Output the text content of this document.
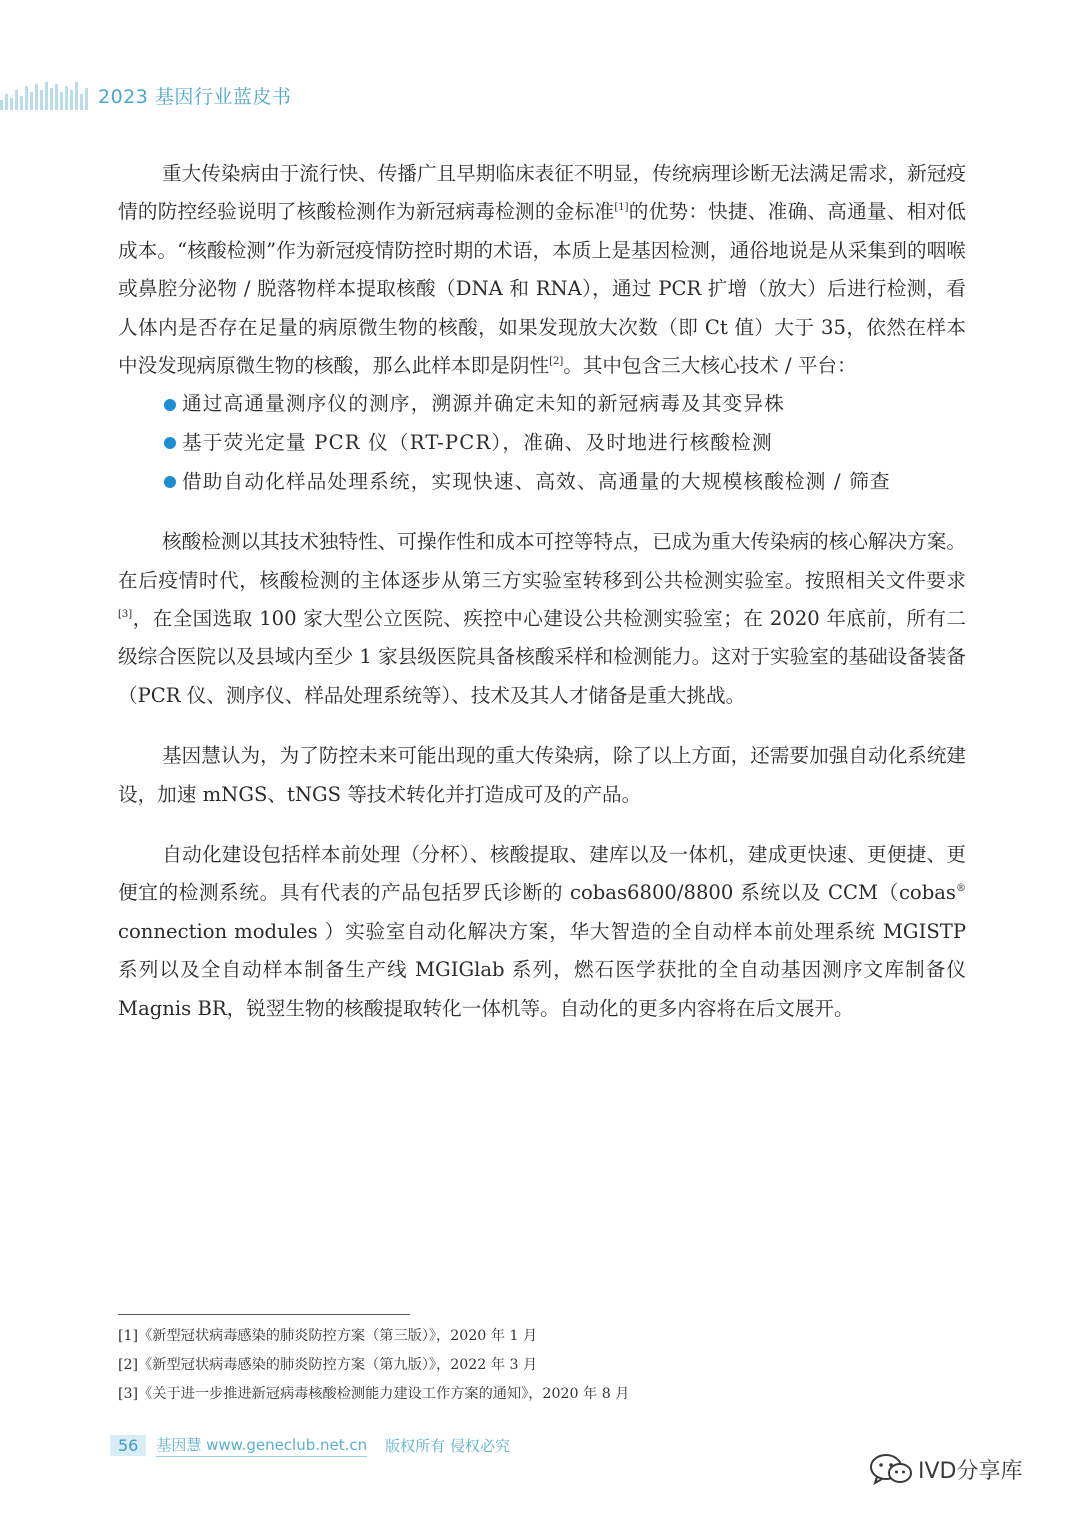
2023 基因行业蓝皮书

重大传染病由于流行快、传播广且早期临床表征不明显，传统病理诊断无法满足需求，新冠疫情的防控经验说明了核酸检测作为新冠病毒检测的金标准[1]的优势：快捷、准确、高通量、相对低成本。“核酸检测”作为新冠疫情防控时期的术语，本质上是基因检测，通俗地说是从采集到的咽喉或鼻腔分泌物 / 脱落物样本提取核酸（DNA 和 RNA），通过 PCR 扩增（放大）后进行检测，看人体内是否存在足量的病原微生物的核酸，如果发现放大次数（即 Ct 值）大于 35，依然在样本中没发现病原微生物的核酸，那么此样本即是阴性[2]。其中包含三大核心技术 / 平台：

通过高通量测序仪的测序，溯源并确定未知的新冠病毒及其变异株
基于荧光定量 PCR 仪（RT-PCR），准确、及时地进行核酸检测
借助自动化样品处理系统，实现快速、高效、高通量的大规模核酸检测 / 筛查

核酸检测以其技术独特性、可操作性和成本可控等特点，已成为重大传染病的核心解决方案。在后疫情时代，核酸检测的主体逐步从第三方实验室转移到公共检测实验室。按照相关文件要求[3]，在全国选取 100 家大型公立医院、疾控中心建设公共检测实验室；在 2020 年底前，所有二级综合医院以及县域内至少 1 家县级医院具备核酸采样和检测能力。这对于实验室的基础设备装备（PCR 仪、测序仪、样品处理系统等）、技术及其人才储备是重大挑战。

基因慧认为，为了防控未来可能出现的重大传染病，除了以上方面，还需要加强自动化系统建设，加速 mNGS、tNGS 等技术转化并打造成可及的产品。

自动化建设包括样本前处理（分杯）、核酸提取、建库以及一体机，建成更快速、更便捷、更便宜的检测系统。具有代表的产品包括罗氏诊断的 cobas6800/8800 系统以及 CCM（cobas® connection modules ）实验室自动化解决方案，华大智造的全自动样本前处理系统 MGISTP 系列以及全自动样本制备生产线 MGIGlab 系列，燃石医学获批的全自动基因测序文库制备仪 Magnis BR，锐翌生物的核酸提取转化一体机等。自动化的更多内容将在后文展开。

[1]《新型冠状病毒感染的肺炎防控方案（第三版）》，2020 年 1 月
[2]《新型冠状病毒感染的肺炎防控方案（第九版）》，2022 年 3 月
[3]《关于进一步推进新冠病毒核酸检测能力建设工作方案的通知》，2020 年 8 月
56	基因慧 www.geneclub.net.cn 版权所有 侵权必究
IVD分享库
